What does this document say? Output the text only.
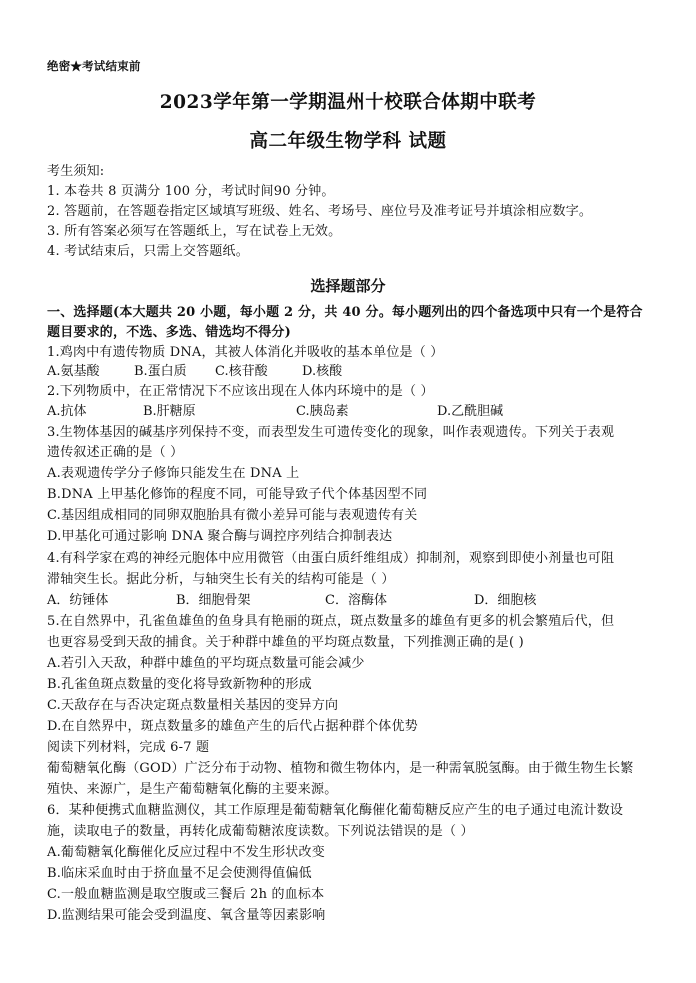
绝密★考试结束前
2023学年第一学期温州十校联合体期中联考
高二年级生物学科 试题
考生须知:
1. 本卷共 8 页满分 100 分，考试时间90 分钟。
2. 答题前，在答题卷指定区域填写班级、姓名、考场号、座位号及准考证号并填涂相应数字。
3. 所有答案必须写在答题纸上，写在试卷上无效。
4. 考试结束后，只需上交答题纸。
选择题部分
一、选择题(本大题共 20 小题，每小题 2 分，共 40 分。每小题列出的四个备选项中只有一个是符合
题目要求的，不选、多选、错选均不得分)
1.鸡肉中有遗传物质 DNA，其被人体消化并吸收的基本单位是（ ）
A.氨基酸	B.蛋白质 C.核苷酸	D.核酸
2.下列物质中，在正常情况下不应该出现在人体内环境中的是（ ）
A.抗体	B.肝糖原	C.胰岛素	D.乙酰胆碱
3.生物体基因的碱基序列保持不变，而表型发生可遗传变化的现象，叫作表观遗传。下列关于表观
遗传叙述正确的是（ ）
A.表观遗传学分子修饰只能发生在 DNA 上
B.DNA 上甲基化修饰的程度不同，可能导致子代个体基因型不同
C.基因组成相同的同卵双胞胎具有微小差异可能与表观遗传有关
D.甲基化可通过影响 DNA 聚合酶与调控序列结合抑制表达
4.有科学家在鸡的神经元胞体中应用微管（由蛋白质纤维组成）抑制剂，观察到即使小剂量也可阻
滞轴突生长。据此分析，与轴突生长有关的结构可能是（ ）
A．纺锤体	B．细胞骨架	C．溶酶体	D．细胞核
5.在自然界中，孔雀鱼雄鱼的鱼身具有艳丽的斑点，斑点数量多的雄鱼有更多的机会繁殖后代，但
也更容易受到天敌的捕食。关于种群中雄鱼的平均斑点数量，下列推测正确的是( )
A.若引入天敌，种群中雄鱼的平均斑点数量可能会减少
B.孔雀鱼斑点数量的变化将导致新物种的形成
C.天敌存在与否决定斑点数量相关基因的变异方向
D.在自然界中，斑点数量多的雄鱼产生的后代占据种群个体优势
阅读下列材料，完成 6-7 题
葡萄糖氧化酶（GOD）广泛分布于动物、植物和微生物体内，是一种需氧脱氢酶。由于微生物生长繁
殖快、来源广，是生产葡萄糖氧化酶的主要来源。
6．某种便携式血糖监测仪，其工作原理是葡萄糖氧化酶催化葡萄糖反应产生的电子通过电流计数设
施，读取电子的数量，再转化成葡萄糖浓度读数。下列说法错误的是（ ）
A.葡萄糖氧化酶催化反应过程中不发生形状改变
B.临床采血时由于挤血量不足会使测得值偏低
C.一般血糖监测是取空腹或三餐后 2h 的血标本
D.监测结果可能会受到温度、氧含量等因素影响
